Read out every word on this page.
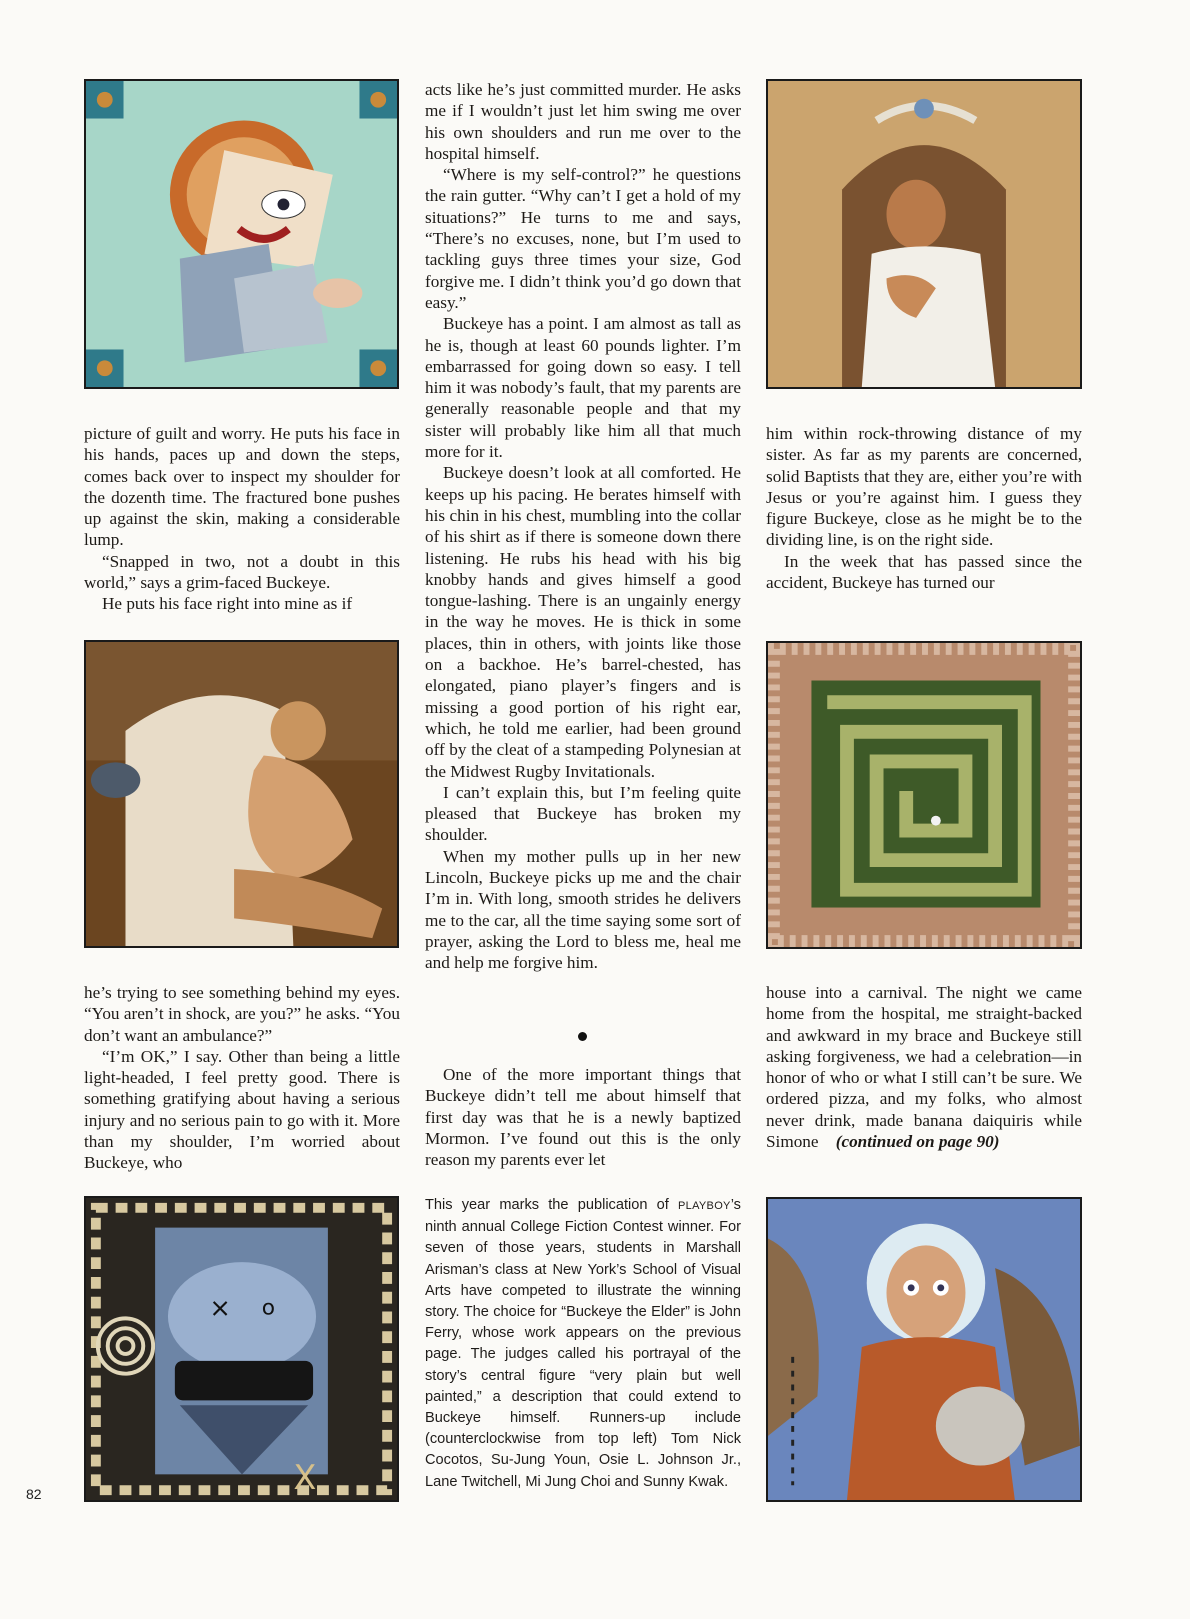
× o
X

picture of guilt and worry. He puts his face in his hands, paces up and down the steps, comes back over to inspect my shoulder for the dozenth time. The fractured bone pushes up against the skin, making a considerable lump.

“Snapped in two, not a doubt in this world,” says a grim-faced Buckeye.

He puts his face right into mine as if

he’s trying to see something behind my eyes. “You aren’t in shock, are you?” he asks. “You don’t want an ambulance?”

“I’m OK,” I say. Other than being a little light-headed, I feel pretty good. There is something gratifying about having a serious injury and no serious pain to go with it. More than my shoulder, I’m worried about Buckeye, who

acts like he’s just committed murder. He asks me if I wouldn’t just let him swing me over his own shoulders and run me over to the hospital himself.

“Where is my self-control?” he questions the rain gutter. “Why can’t I get a hold of my situations?” He turns to me and says, “There’s no excuses, none, but I’m used to tackling guys three times your size, God forgive me. I didn’t think you’d go down that easy.”

Buckeye has a point. I am almost as tall as he is, though at least 60 pounds lighter. I’m embarrassed for going down so easy. I tell him it was nobody’s fault, that my parents are generally reasonable people and that my sister will probably like him all that much more for it.

Buckeye doesn’t look at all comforted. He keeps up his pacing. He berates himself with his chin in his chest, mumbling into the collar of his shirt as if there is someone down there listening. He rubs his head with his big knobby hands and gives himself a good tongue-lashing. There is an ungainly energy in the way he moves. He is thick in some places, thin in others, with joints like those on a backhoe. He’s barrel-chested, has elongated, piano player’s fingers and is missing a good portion of his right ear, which, he told me earlier, had been ground off by the cleat of a stampeding Polynesian at the Midwest Rugby Invitationals.

I can’t explain this, but I’m feeling quite pleased that Buckeye has broken my shoulder.

When my mother pulls up in her new Lincoln, Buckeye picks up me and the chair I’m in. With long, smooth strides he delivers me to the car, all the time saying some sort of prayer, asking the Lord to bless me, heal me and help me forgive him.

One of the more important things that Buckeye didn’t tell me about himself that first day was that he is a newly baptized Mormon. I’ve found out this is the only reason my parents ever let

This year marks the publication of PLAYBOY’s ninth annual College Fiction Contest winner. For seven of those years, students in Marshall Arisman’s class at New York’s School of Visual Arts have competed to illustrate the winning story. The choice for “Buckeye the Elder” is John Ferry, whose work appears on the previous page. The judges called his portrayal of the story’s central figure “very plain but well painted,” a description that could extend to Buckeye himself. Runners-up include (counterclockwise from top left) Tom Nick Cocotos, Su-Jung Youn, Osie L. Johnson Jr., Lane Twitchell, Mi Jung Choi and Sunny Kwak.

him within rock-throwing distance of my sister. As far as my parents are concerned, solid Baptists that they are, either you’re with Jesus or you’re against him. I guess they figure Buckeye, close as he might be to the dividing line, is on the right side.

In the week that has passed since the accident, Buckeye has turned our

house into a carnival. The night we came home from the hospital, me straight-backed and awkward in my brace and Buckeye still asking forgiveness, we had a celebration—in honor of who or what I still can’t be sure. We ordered pizza, and my folks, who almost never drink, made banana daiquiris while Simone (continued on page 90)

82
